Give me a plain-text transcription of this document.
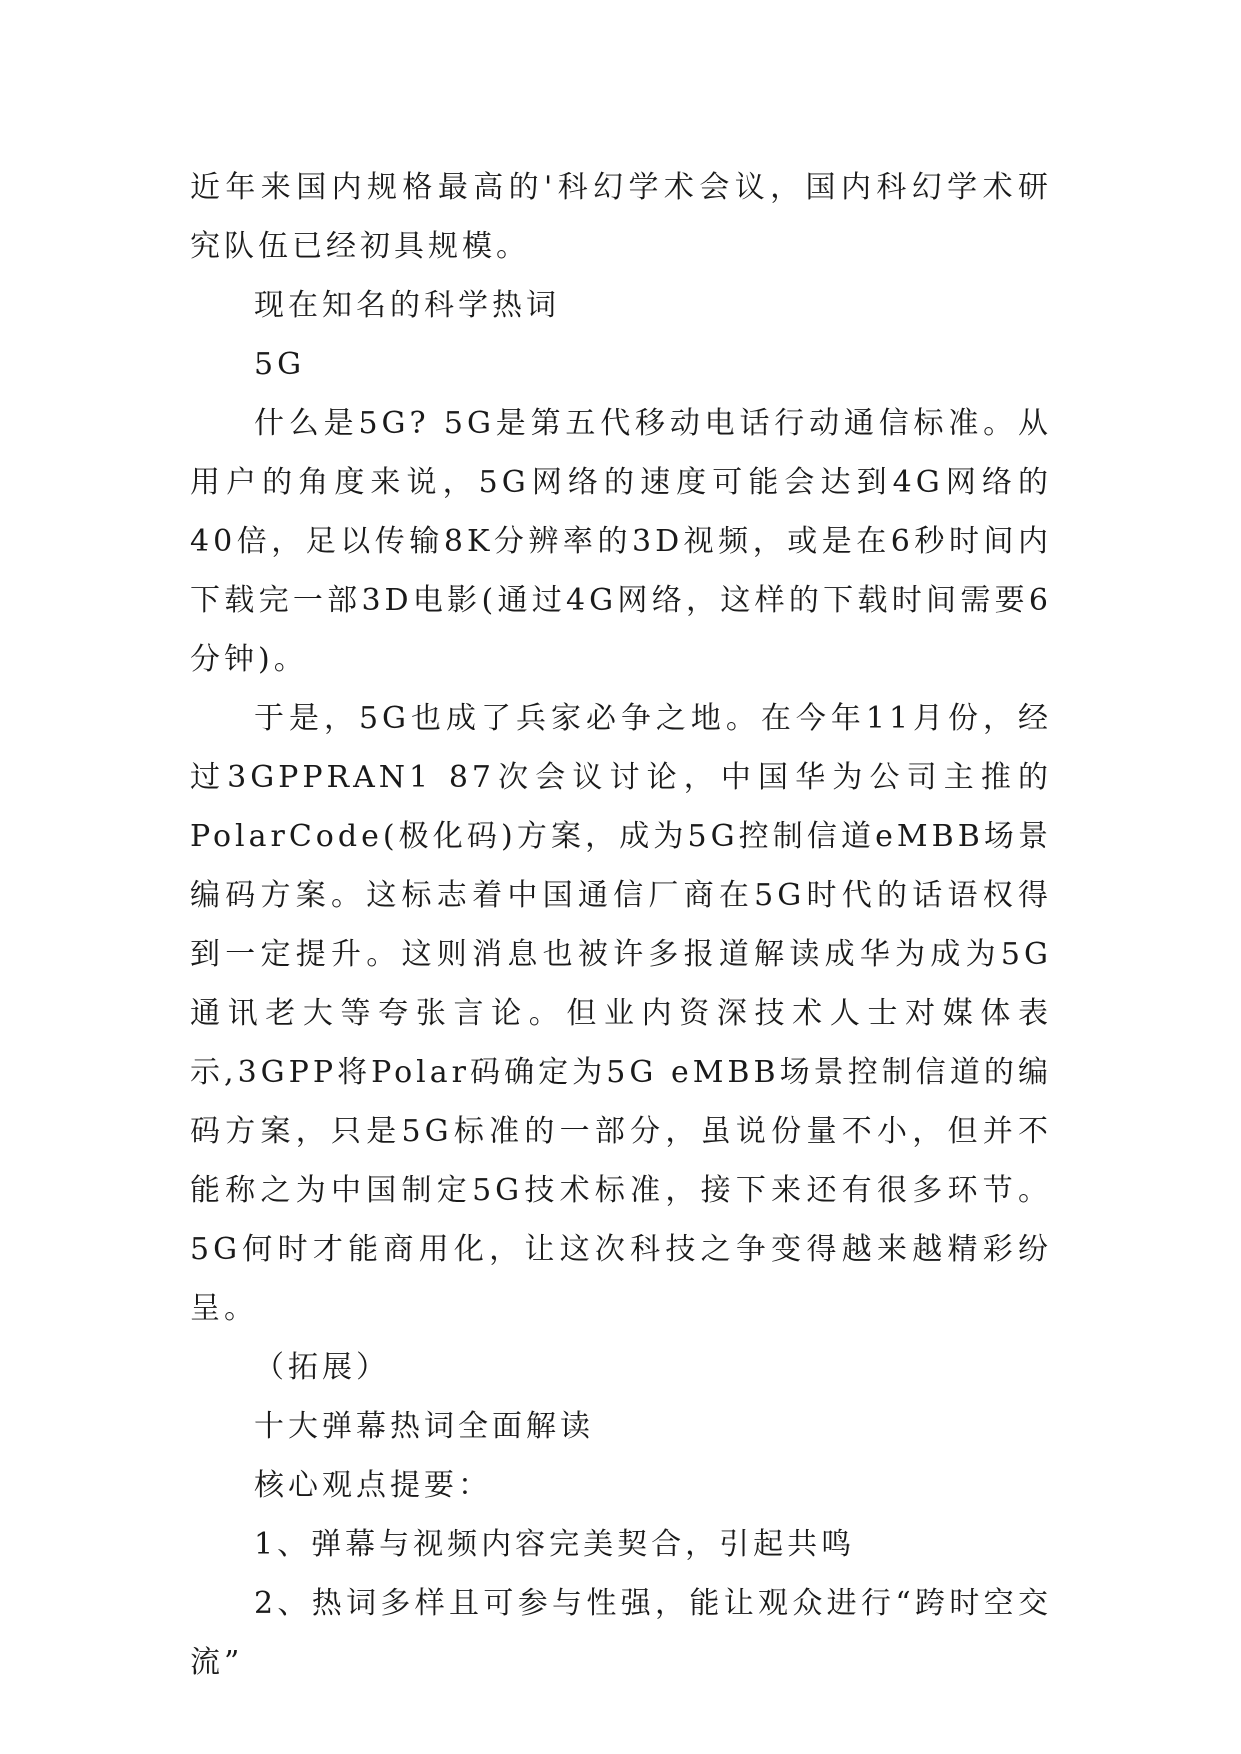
近年来国内规格最高的'科幻学术会议，国内科幻学术研究队伍已经初具规模。

现在知名的科学热词

5G

什么是5G? 5G是第五代移动电话行动通信标准。从用户的角度来说，5G网络的速度可能会达到4G网络的40倍，足以传输8K分辨率的3D视频，或是在6秒时间内下载完一部3D电影(通过4G网络，这样的下载时间需要6分钟)。

于是，5G也成了兵家必争之地。在今年11月份，经过3GPPRAN1 87次会议讨论，中国华为公司主推的PolarCode(极化码)方案，成为5G控制信道eMBB场景编码方案。这标志着中国通信厂商在5G时代的话语权得到一定提升。这则消息也被许多报道解读成华为成为5G通讯老大等夸张言论。但业内资深技术人士对媒体表示,3GPP将Polar码确定为5G eMBB场景控制信道的编码方案，只是5G标准的一部分，虽说份量不小，但并不能称之为中国制定5G技术标准，接下来还有很多环节。 5G何时才能商用化，让这次科技之争变得越来越精彩纷呈。

（拓展）

十大弹幕热词全面解读

核心观点提要：

1、弹幕与视频内容完美契合，引起共鸣

2、热词多样且可参与性强，能让观众进行“跨时空交流”
